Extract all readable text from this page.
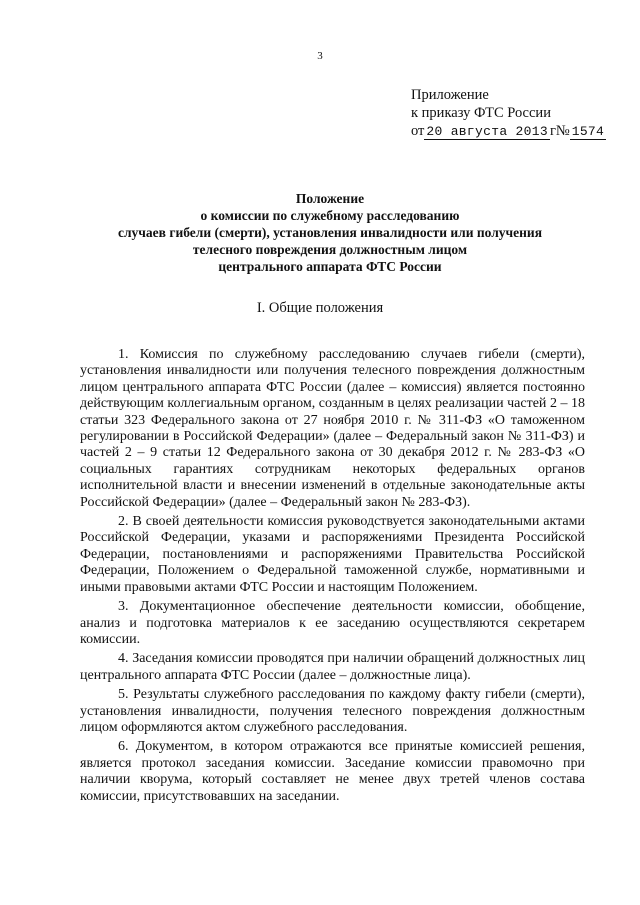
3
Приложение
к приказу ФТС России
от 20 августа 2013 г№ 1574
Положение
о комиссии по служебному расследованию
случаев гибели (смерти), установления инвалидности или получения
телесного повреждения должностным лицом
центрального аппарата ФТС России
I. Общие положения

1. Комиссия по служебному расследованию случаев гибели (смерти), установления инвалидности или получения телесного повреждения должностным лицом центрального аппарата ФТС России (далее – комиссия) является постоянно действующим коллегиальным органом, созданным в целях реализации частей 2 – 18 статьи 323 Федерального закона от 27 ноября 2010 г. № 311-ФЗ «О таможенном регулировании в Российской Федерации» (далее – Федеральный закон № 311-ФЗ) и частей 2 – 9 статьи 12 Федерального закона от 30 декабря 2012 г. № 283-ФЗ «О социальных гарантиях сотрудникам некоторых федеральных органов исполнительной власти и внесении изменений в отдельные законодательные акты Российской Федерации» (далее – Федеральный закон № 283-ФЗ).

2. В своей деятельности комиссия руководствуется законодательными актами Российской Федерации, указами и распоряжениями Президента Российской Федерации, постановлениями и распоряжениями Правительства Российской Федерации, Положением о Федеральной таможенной службе, нормативными и иными правовыми актами ФТС России и настоящим Положением.

3. Документационное обеспечение деятельности комиссии, обобщение, анализ и подготовка материалов к ее заседанию осуществляются секретарем комиссии.

4. Заседания комиссии проводятся при наличии обращений должностных лиц центрального аппарата ФТС России (далее – должностные лица).

5. Результаты служебного расследования по каждому факту гибели (смерти), установления инвалидности, получения телесного повреждения должностным лицом оформляются актом служебного расследования.

6. Документом, в котором отражаются все принятые комиссией решения, является протокол заседания комиссии. Заседание комиссии правомочно при наличии кворума, который составляет не менее двух третей членов состава комиссии, присутствовавших на заседании.
